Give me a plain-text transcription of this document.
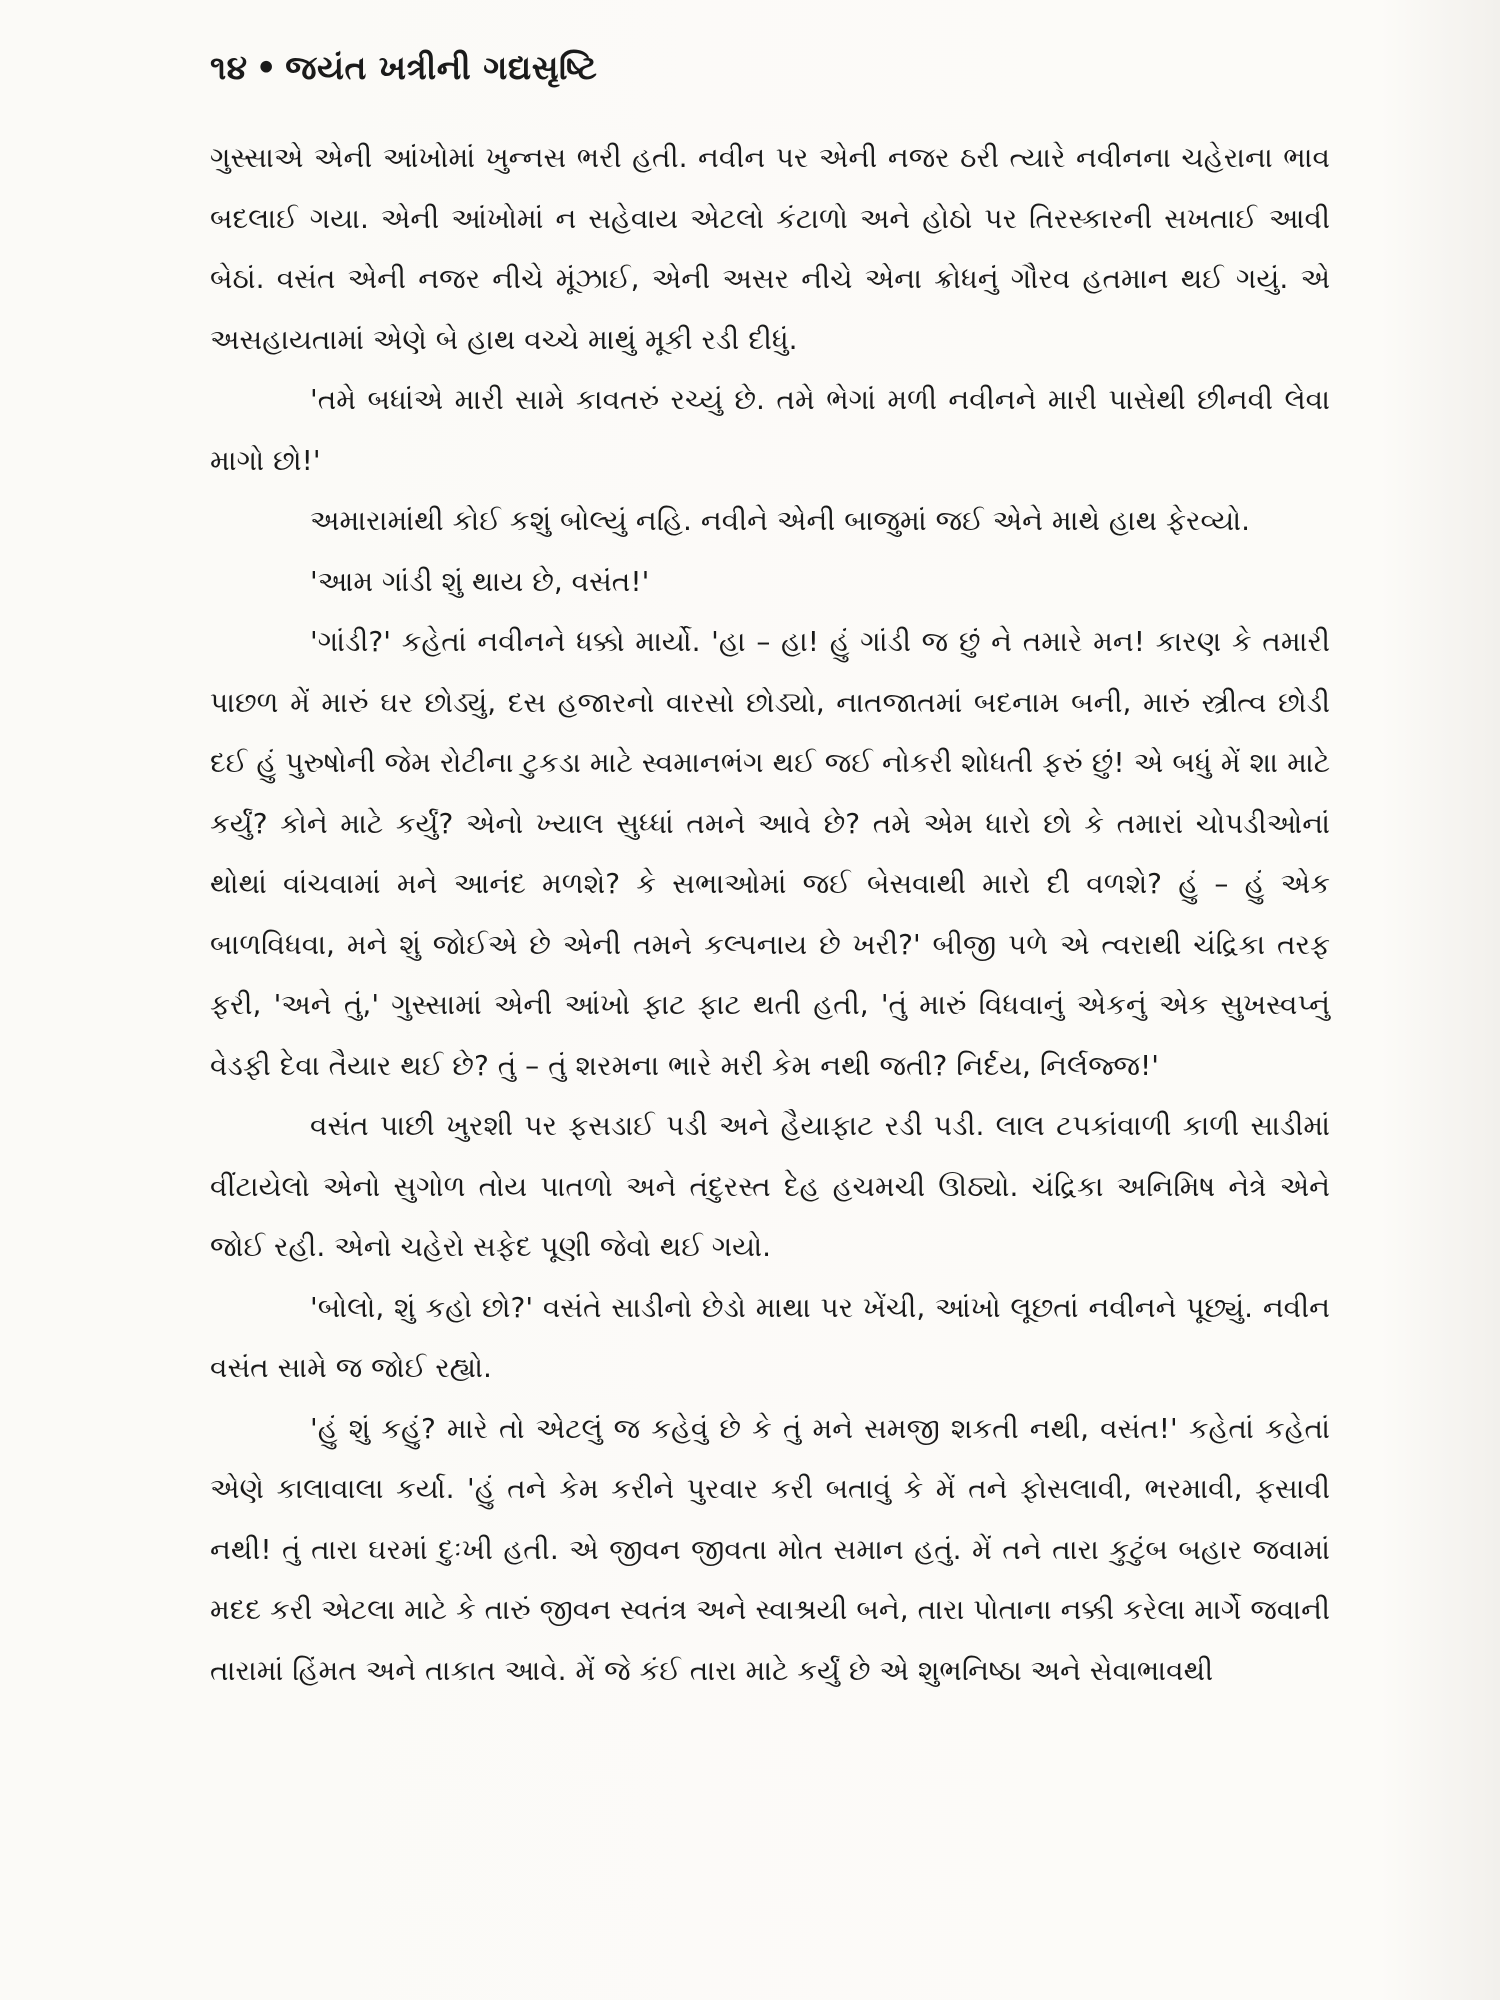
૧૪ • જયંત ખત્રીની ગદ્યસૃષ્ટિ

ગુસ્સાએ એની આંખોમાં ખુન્નસ ભરી હતી. નવીન પર એની નજર ઠરી ત્યારે નવીનના ચહેરાના ભાવ બદલાઈ ગયા. એની આંખોમાં ન સહેવાય એટલો કંટાળો અને હોઠો પર તિરસ્કારની સખતાઈ આવી બેઠાં. વસંત એની નજર નીચે મૂંઝાઈ, એની અસર નીચે એના ક્રોધનું ગૌરવ હતમાન થઈ ગયું. એ અસહાયતામાં એણે બે હાથ વચ્ચે માથું મૂકી રડી દીધું.

'તમે બધાંએ મારી સામે કાવતરું રચ્યું છે. તમે ભેગાં મળી નવીનને મારી પાસેથી છીનવી લેવા માગો છો!'

અમારામાંથી કોઈ કશું બોલ્યું નહિ. નવીને એની બાજુમાં જઈ એને માથે હાથ ફેરવ્યો.

'આમ ગાંડી શું થાય છે, વસંત!'

'ગાંડી?' કહેતાં નવીનને ધક્કો માર્યો. 'હા – હા! હું ગાંડી જ છું ને તમારે મન! કારણ કે તમારી પાછળ મેં મારું ઘર છોડ્યું, દસ હજારનો વારસો છોડ્યો, નાતજાતમાં બદનામ બની, મારું સ્ત્રીત્વ છોડી દઈ હું પુરુષોની જેમ રોટીના ટુકડા માટે સ્વમાનભંગ થઈ જઈ નોકરી શોધતી ફરું છું! એ બધું મેં શા માટે કર્યું? કોને માટે કર્યું? એનો ખ્યાલ સુધ્ધાં તમને આવે છે? તમે એમ ધારો છો કે તમારાં ચોપડીઓનાં થોથાં વાંચવામાં મને આનંદ મળશે? કે સભાઓમાં જઈ બેસવાથી મારો દી વળશે? હું – હું એક બાળવિધવા, મને શું જોઈએ છે એની તમને કલ્પનાય છે ખરી?' બીજી પળે એ ત્વરાથી ચંદ્રિકા તરફ ફરી, 'અને તું,' ગુસ્સામાં એની આંખો ફાટ ફાટ થતી હતી, 'તું મારું વિધવાનું એકનું એક સુખસ્વપ્નું વેડફી દેવા તૈયાર થઈ છે? તું – તું શરમના ભારે મરી કેમ નથી જતી? નિર્દય, નિર્લજ્જ!'

વસંત પાછી ખુરશી પર ફસડાઈ પડી અને હૈયાફાટ રડી પડી. લાલ ટપકાંવાળી કાળી સાડીમાં વીંટાયેલો એનો સુગોળ તોય પાતળો અને તંદુરસ્ત દેહ હચમચી ઊઠ્યો. ચંદ્રિકા અનિમિષ નેત્રે એને જોઈ રહી. એનો ચહેરો સફેદ પૂણી જેવો થઈ ગયો.

'બોલો, શું કહો છો?' વસંતે સાડીનો છેડો માથા પર ખેંચી, આંખો લૂછતાં નવીનને પૂછ્યું. નવીન વસંત સામે જ જોઈ રહ્યો.

'હું શું કહું? મારે તો એટલું જ કહેવું છે કે તું મને સમજી શકતી નથી, વસંત!' કહેતાં કહેતાં એણે કાલાવાલા કર્યા. 'હું તને કેમ કરીને પુરવાર કરી બતાવું કે મેં તને ફોસલાવી, ભરમાવી, ફસાવી નથી! તું તારા ઘરમાં દુઃખી હતી. એ જીવન જીવતા મોત સમાન હતું. મેં તને તારા કુટુંબ બહાર જવામાં મદદ કરી એટલા માટે કે તારું જીવન સ્વતંત્ર અને સ્વાશ્રયી બને, તારા પોતાના નક્કી કરેલા માર્ગે જવાની તારામાં હિંમત અને તાકાત આવે. મેં જે કંઈ તારા માટે કર્યું છે એ શુભનિષ્ઠા અને સેવાભાવથી
